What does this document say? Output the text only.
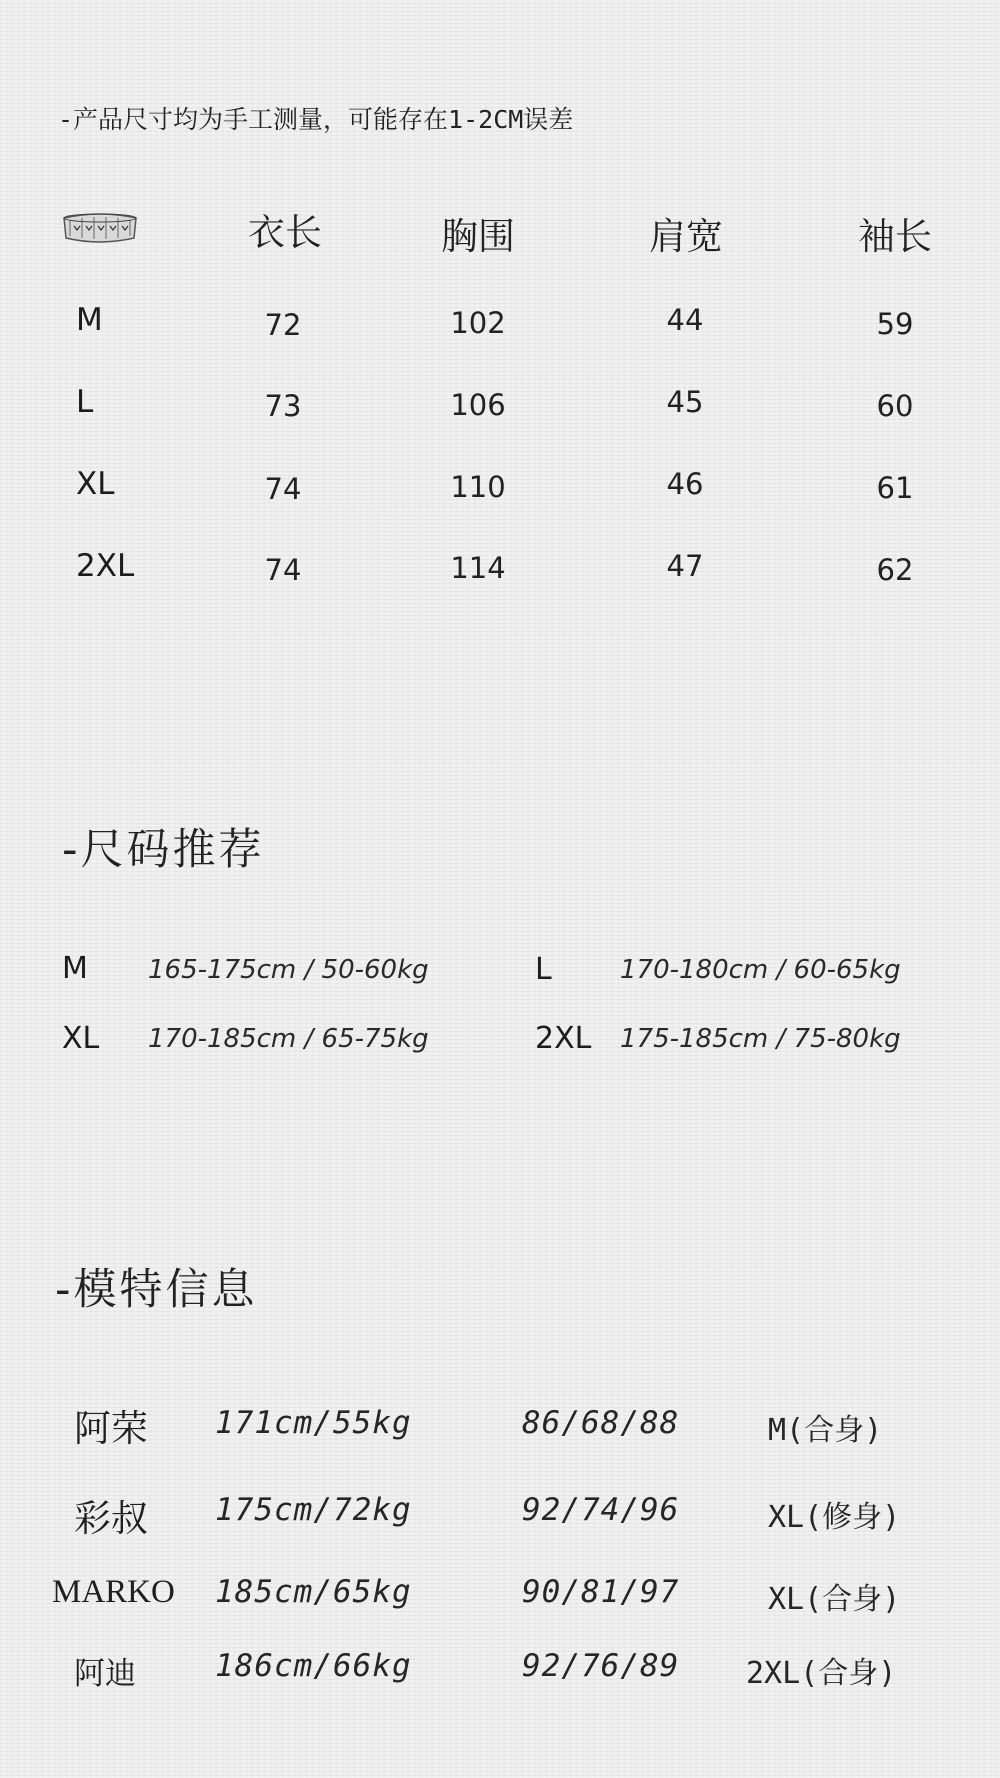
-产品尺寸均为手工测量，可能存在1-2CM误差
衣长	胸围	肩宽	袖长
M	72	102	44	59
L	73	106	45	60
XL	74	110	46	61
2XL	74	114	47	62
-尺码推荐
M 165-175cm / 50-60kg	L	170-180cm / 60-65kg
XL 170-185cm / 65-75kg	2XL 175-185cm / 75-80kg
-模特信息
阿荣 171cm/55kg	86/68/88	M(合身)
彩叔 175cm/72kg	92/74/96	XL(修身)
MARKO 185cm/65kg	90/81/97	XL(合身)
阿迪	186cm/66kg	92/76/89 2XL(合身)
